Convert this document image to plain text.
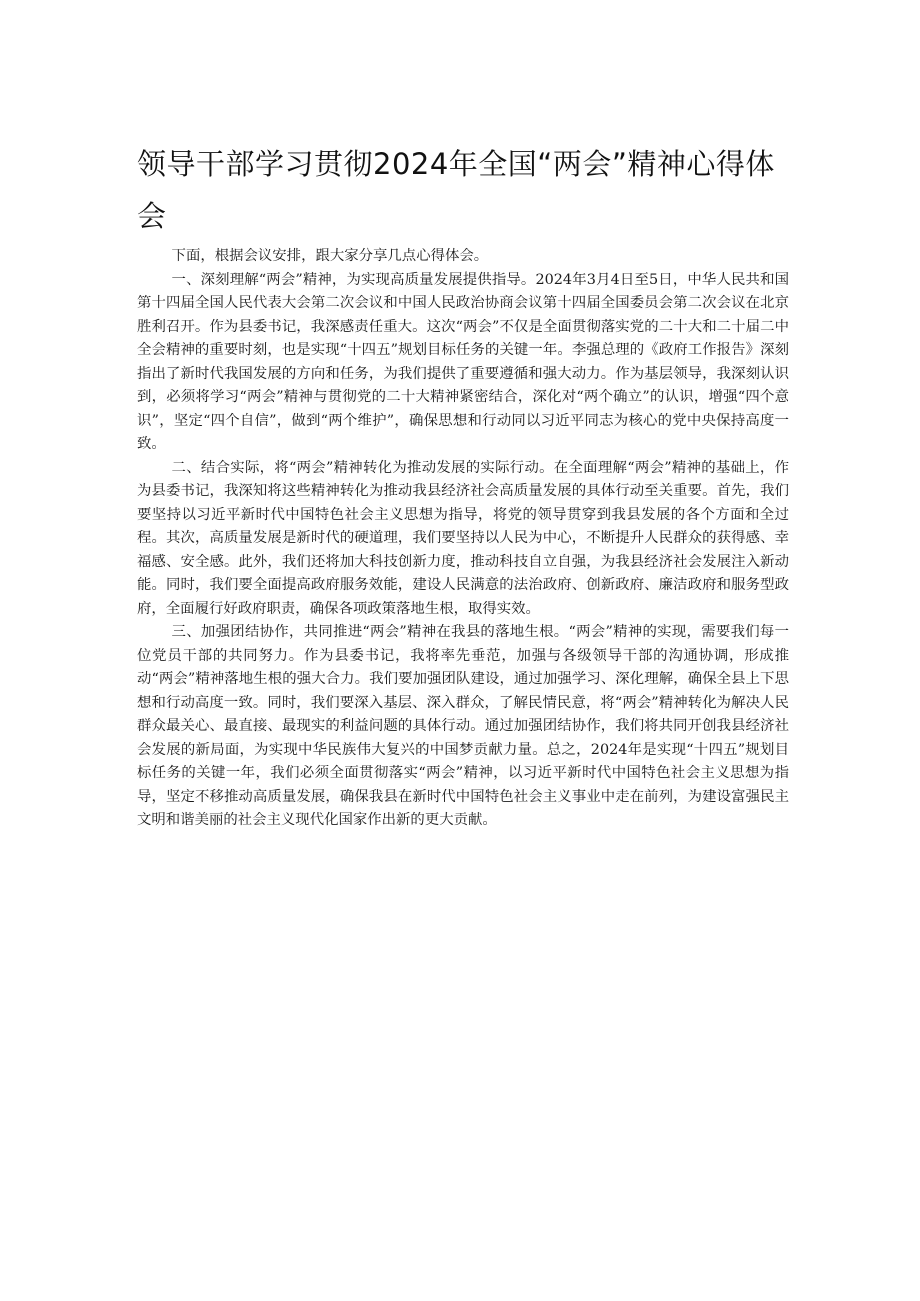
领导干部学习贯彻2024年全国“两会”精神心得体会

下面，根据会议安排，跟大家分享几点心得体会。

一、深刻理解“两会”精神，为实现高质量发展提供指导。2024年3月4日至5日，中华人民共和国第十四届全国人民代表大会第二次会议和中国人民政治协商会议第十四届全国委员会第二次会议在北京胜利召开。作为县委书记，我深感责任重大。这次“两会”不仅是全面贯彻落实党的二十大和二十届二中全会精神的重要时刻，也是实现“十四五”规划目标任务的关键一年。李强总理的《政府工作报告》深刻指出了新时代我国发展的方向和任务，为我们提供了重要遵循和强大动力。作为基层领导，我深刻认识到，必须将学习“两会”精神与贯彻党的二十大精神紧密结合，深化对“两个确立”的认识，增强“四个意识”，坚定“四个自信”，做到“两个维护”，确保思想和行动同以习近平同志为核心的党中央保持高度一致。

二、结合实际，将“两会”精神转化为推动发展的实际行动。在全面理解“两会”精神的基础上，作为县委书记，我深知将这些精神转化为推动我县经济社会高质量发展的具体行动至关重要。首先，我们要坚持以习近平新时代中国特色社会主义思想为指导，将党的领导贯穿到我县发展的各个方面和全过程。其次，高质量发展是新时代的硬道理，我们要坚持以人民为中心，不断提升人民群众的获得感、幸福感、安全感。此外，我们还将加大科技创新力度，推动科技自立自强，为我县经济社会发展注入新动能。同时，我们要全面提高政府服务效能，建设人民满意的法治政府、创新政府、廉洁政府和服务型政府，全面履行好政府职责，确保各项政策落地生根，取得实效。

三、加强团结协作，共同推进“两会”精神在我县的落地生根。“两会”精神的实现，需要我们每一位党员干部的共同努力。作为县委书记，我将率先垂范，加强与各级领导干部的沟通协调，形成推动“两会”精神落地生根的强大合力。我们要加强团队建设，通过加强学习、深化理解，确保全县上下思想和行动高度一致。同时，我们要深入基层、深入群众，了解民情民意，将“两会”精神转化为解决人民群众最关心、最直接、最现实的利益问题的具体行动。通过加强团结协作，我们将共同开创我县经济社会发展的新局面，为实现中华民族伟大复兴的中国梦贡献力量。总之，2024年是实现“十四五”规划目标任务的关键一年，我们必须全面贯彻落实“两会”精神，以习近平新时代中国特色社会主义思想为指导，坚定不移推动高质量发展，确保我县在新时代中国特色社会主义事业中走在前列，为建设富强民主文明和谐美丽的社会主义现代化国家作出新的更大贡献。
